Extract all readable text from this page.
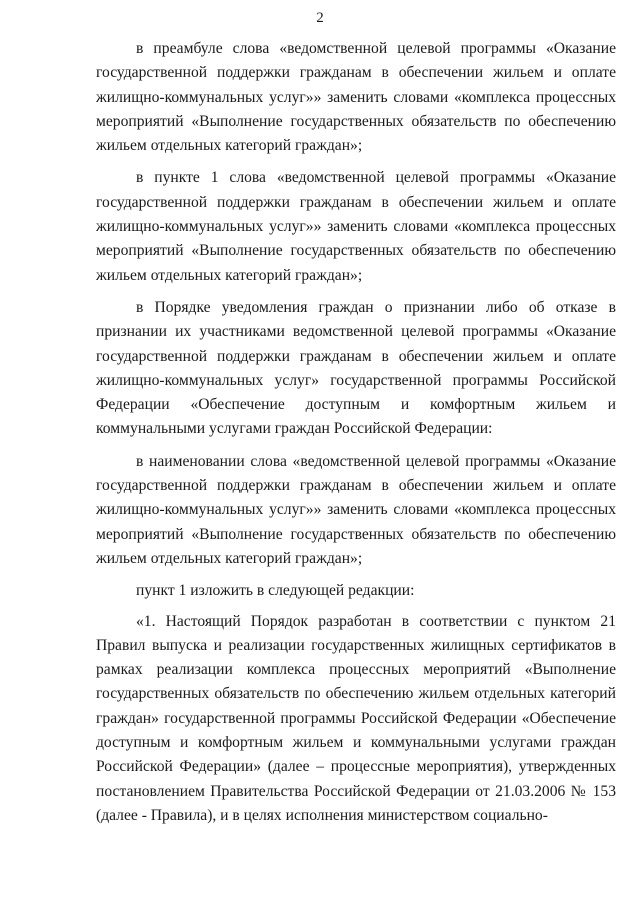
2

в преамбуле слова «ведомственной целевой программы «Оказание государственной поддержки гражданам в обеспечении жильем и оплате жилищно-коммунальных услуг»» заменить словами «комплекса процессных мероприятий «Выполнение государственных обязательств по обеспечению жильем отдельных категорий граждан»;

в пункте 1 слова «ведомственной целевой программы «Оказание государственной поддержки гражданам в обеспечении жильем и оплате жилищно-коммунальных услуг»» заменить словами «комплекса процессных мероприятий «Выполнение государственных обязательств по обеспечению жильем отдельных категорий граждан»;

в Порядке уведомления граждан о признании либо об отказе в признании их участниками ведомственной целевой программы «Оказание государственной поддержки гражданам в обеспечении жильем и оплате жилищно-коммунальных услуг» государственной программы Российской Федерации «Обеспечение доступным и комфортным жильем и коммунальными услугами граждан Российской Федерации:

в наименовании слова «ведомственной целевой программы «Оказание государственной поддержки гражданам в обеспечении жильем и оплате жилищно-коммунальных услуг»» заменить словами «комплекса процессных мероприятий «Выполнение государственных обязательств по обеспечению жильем отдельных категорий граждан»;

пункт 1 изложить в следующей редакции:

«1. Настоящий Порядок разработан в соответствии с пунктом 21 Правил выпуска и реализации государственных жилищных сертификатов в рамках реализации комплекса процессных мероприятий «Выполнение государственных обязательств по обеспечению жильем отдельных категорий граждан» государственной программы Российской Федерации «Обеспечение доступным и комфортным жильем и коммунальными услугами граждан Российской Федерации» (далее – процессные мероприятия), утвержденных постановлением Правительства Российской Федерации от 21.03.2006 № 153 (далее - Правила), и в целях исполнения министерством социально-
